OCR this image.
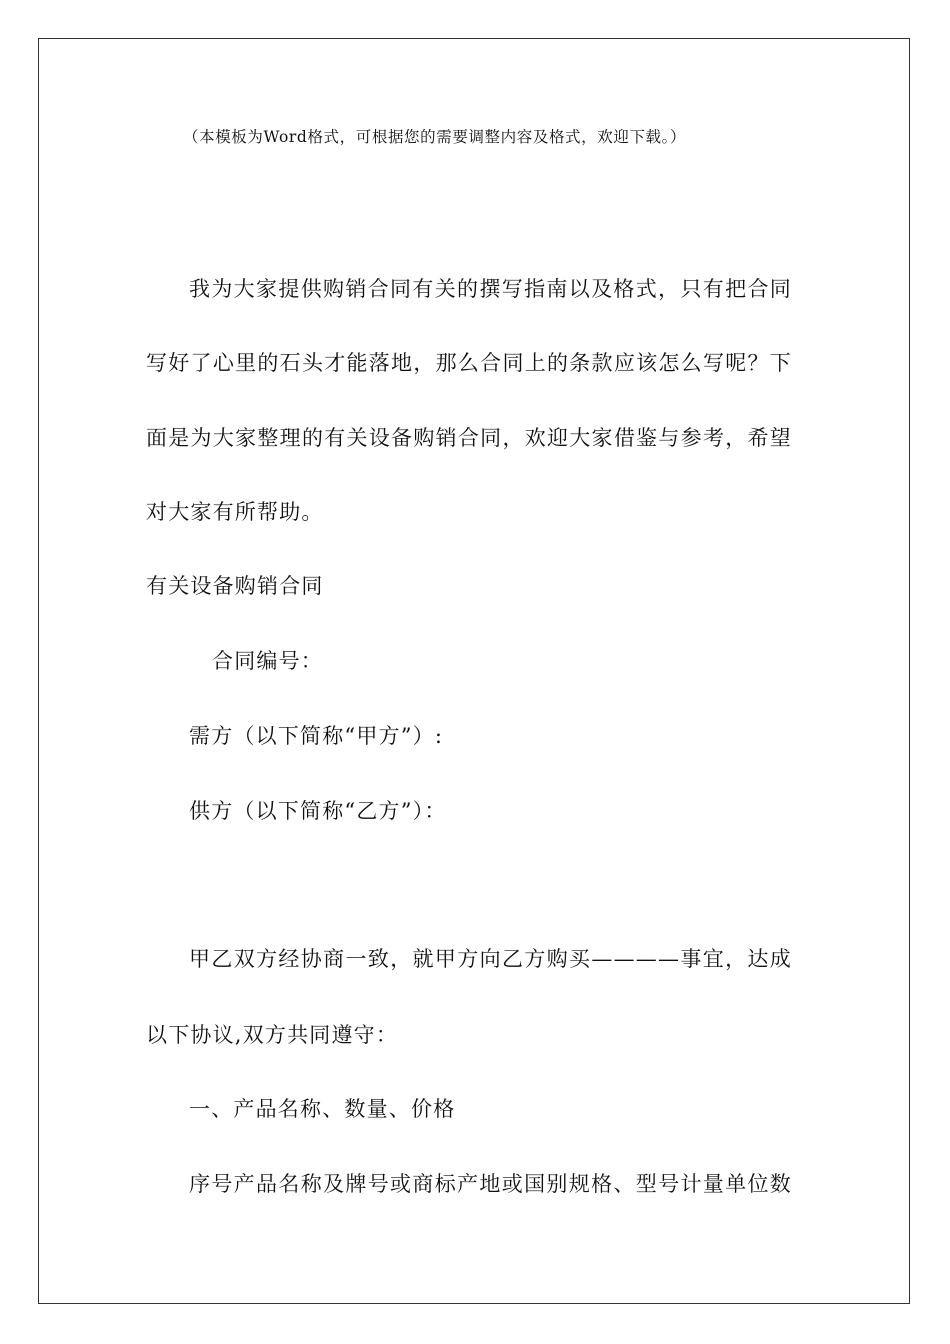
（本模板为Word格式，可根据您的需要调整内容及格式，欢迎下载。）
我为大家提供购销合同有关的撰写指南以及格式，只有把合同
写好了心里的石头才能落地，那么合同上的条款应该怎么写呢？下
面是为大家整理的有关设备购销合同，欢迎大家借鉴与参考，希望
对大家有所帮助。
有关设备购销合同
合同编号：
需方（以下简称“甲方”）:
供方（以下简称“乙方”）：
甲乙双方经协商一致，就甲方向乙方购买————事宜，达成
以下协议,双方共同遵守：
一、产品名称、数量、价格
序号产品名称及牌号或商标产地或国别规格、型号计量单位数
